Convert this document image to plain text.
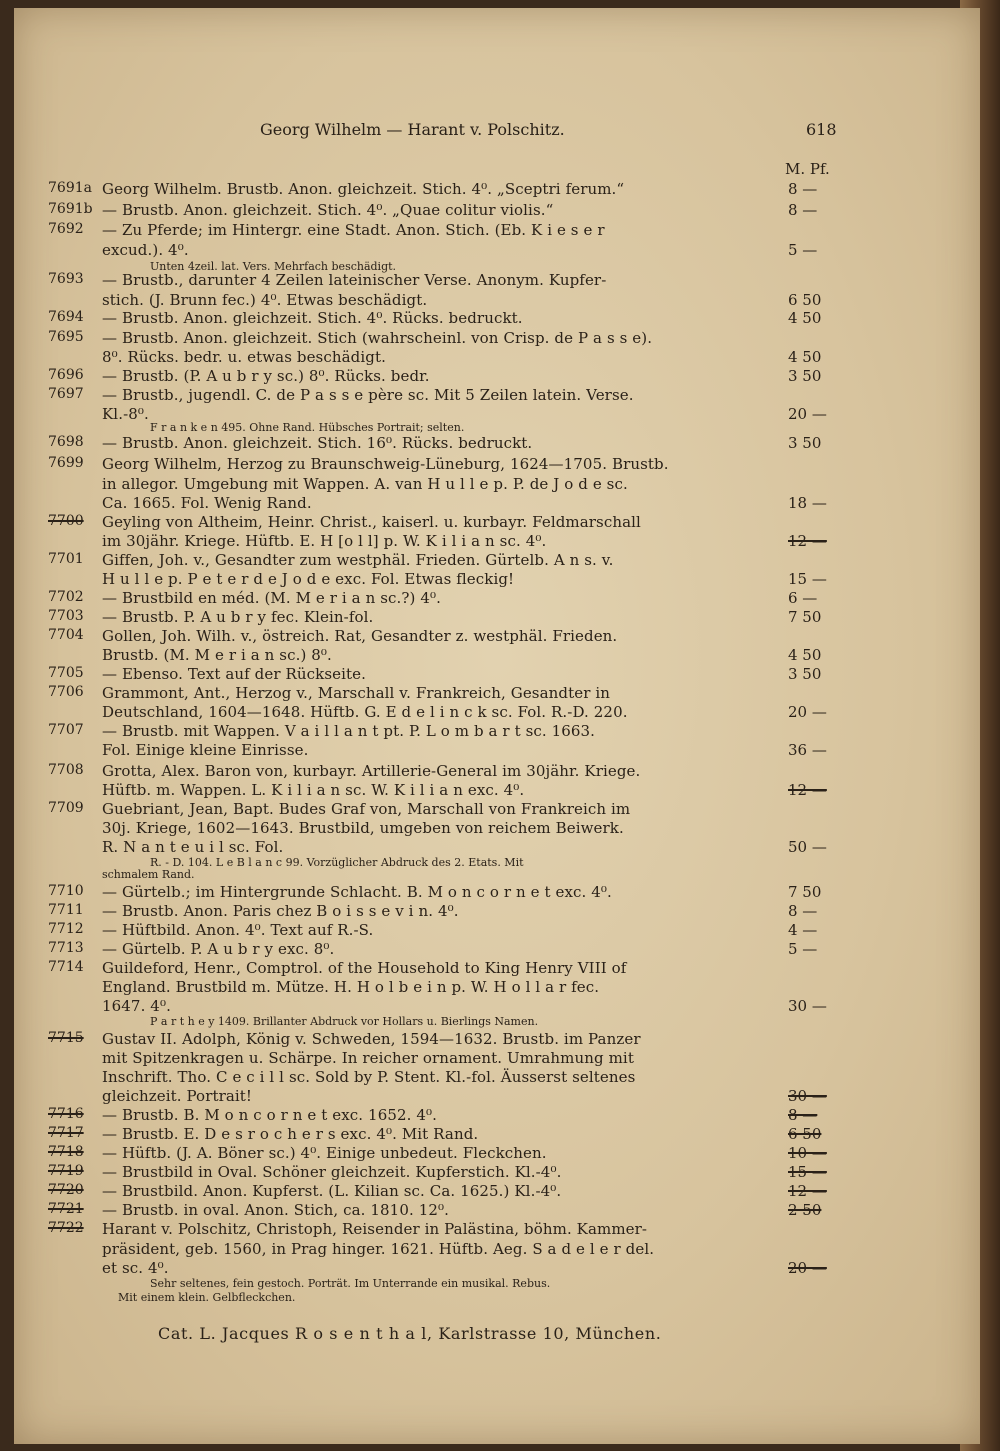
Georg Wilhelm — Harant v. Polschitz.	618
M. Pf.
7691a Georg Wilhelm. Brustb. Anon. gleichzeit. Stich. 4⁰. „Sceptri ferum.“	8 —
7691b — Brustb. Anon. gleichzeit. Stich. 4⁰. „Quae colitur violis.“	8 —
7692 — Zu Pferde; im Hintergr. eine Stadt. Anon. Stich. (Eb. K i e s e r
excud.). 4⁰.	5 —
Unten 4zeil. lat. Vers. Mehrfach beschädigt.
7693 — Brustb., darunter 4 Zeilen lateinischer Verse. Anonym. Kupfer-
stich. (J. Brunn fec.) 4⁰. Etwas beschädigt.	6 50
7694 — Brustb. Anon. gleichzeit. Stich. 4⁰. Rücks. bedruckt.	4 50
7695 — Brustb. Anon. gleichzeit. Stich (wahrscheinl. von Crisp. de P a s s e).
8⁰. Rücks. bedr. u. etwas beschädigt.	4 50
7696 — Brustb. (P. A u b r y sc.) 8⁰. Rücks. bedr.	3 50
7697 — Brustb., jugendl. C. de P a s s e père sc. Mit 5 Zeilen latein. Verse.
Kl.-8⁰.	20 —
F r a n k e n 495. Ohne Rand. Hübsches Portrait; selten.
7698 — Brustb. Anon. gleichzeit. Stich. 16⁰. Rücks. bedruckt.	3 50
7699 Georg Wilhelm, Herzog zu Braunschweig-Lüneburg, 1624—1705. Brustb.
in allegor. Umgebung mit Wappen. A. van H u l l e p. P. de J o d e sc.
Ca. 1665. Fol. Wenig Rand.	18 —
7700 Geyling von Altheim, Heinr. Christ., kaiserl. u. kurbayr. Feldmarschall
im 30jähr. Kriege. Hüftb. E. H [o l l] p. W. K i l i a n sc. 4⁰.	12 —
7701 Giffen, Joh. v., Gesandter zum westphäl. Frieden. Gürtelb. A n s. v.
H u l l e p. P e t e r d e J o d e exc. Fol. Etwas fleckig!	15 —
7702 — Brustbild en méd. (M. M e r i a n sc.?) 4⁰.	6 —
7703 — Brustb. P. A u b r y fec. Klein-fol.	7 50
7704 Gollen, Joh. Wilh. v., östreich. Rat, Gesandter z. westphäl. Frieden.
Brustb. (M. M e r i a n sc.) 8⁰.	4 50
7705 — Ebenso. Text auf der Rückseite.	3 50
7706 Grammont, Ant., Herzog v., Marschall v. Frankreich, Gesandter in
Deutschland, 1604—1648. Hüftb. G. E d e l i n c k sc. Fol. R.-D. 220.	20 —
7707 — Brustb. mit Wappen. V a i l l a n t pt. P. L o m b a r t sc. 1663.
Fol. Einige kleine Einrisse.	36 —
7708 Grotta, Alex. Baron von, kurbayr. Artillerie-General im 30jähr. Kriege.
Hüftb. m. Wappen. L. K i l i a n sc. W. K i l i a n exc. 4⁰.	12 —
7709 Guebriant, Jean, Bapt. Budes Graf von, Marschall von Frankreich im
30j. Kriege, 1602—1643. Brustbild, umgeben von reichem Beiwerk.
R. N a n t e u i l sc. Fol.	50 —
R. - D. 104. L e B l a n c 99. Vorzüglicher Abdruck des 2. Etats. Mit
schmalem Rand.
7710 — Gürtelb.; im Hintergrunde Schlacht. B. M o n c o r n e t exc. 4⁰.	7 50
7711 — Brustb. Anon. Paris chez B o i s s e v i n. 4⁰.	8 —
7712 — Hüftbild. Anon. 4⁰. Text auf R.-S.	4 —
7713 — Gürtelb. P. A u b r y exc. 8⁰.	5 —
7714 Guildeford, Henr., Comptrol. of the Household to King Henry VIII of
England. Brustbild m. Mütze. H. H o l b e i n p. W. H o l l a r fec.
1647. 4⁰.	30 —
P a r t h e y 1409. Brillanter Abdruck vor Hollars u. Bierlings Namen.
7715 Gustav II. Adolph, König v. Schweden, 1594—1632. Brustb. im Panzer
mit Spitzenkragen u. Schärpe. In reicher ornament. Umrahmung mit
Inschrift. Tho. C e c i l l sc. Sold by P. Stent. Kl.-fol. Äusserst seltenes
gleichzeit. Portrait!	30 —
7716 — Brustb. B. M o n c o r n e t exc. 1652. 4⁰.	8 —
7717 — Brustb. E. D e s r o c h e r s exc. 4⁰. Mit Rand.	6 50
7718 — Hüftb. (J. A. Böner sc.) 4⁰. Einige unbedeut. Fleckchen.	10 —
7719 — Brustbild in Oval. Schöner gleichzeit. Kupferstich. Kl.-4⁰.	15 —
7720 — Brustbild. Anon. Kupferst. (L. Kilian sc. Ca. 1625.) Kl.-4⁰.	12 —
7721 — Brustb. in oval. Anon. Stich, ca. 1810. 12⁰.	2 50
7722 Harant v. Polschitz, Christoph, Reisender in Palästina, böhm. Kammer-
präsident, geb. 1560, in Prag hinger. 1621. Hüftb. Aeg. S a d e l e r del.
et sc. 4⁰.	20 —
Sehr seltenes, fein gestoch. Porträt. Im Unterrande ein musikal. Rebus.
Mit einem klein. Gelbfleckchen.
Cat. L. Jacques R o s e n t h a l, Karlstrasse 10, München.
